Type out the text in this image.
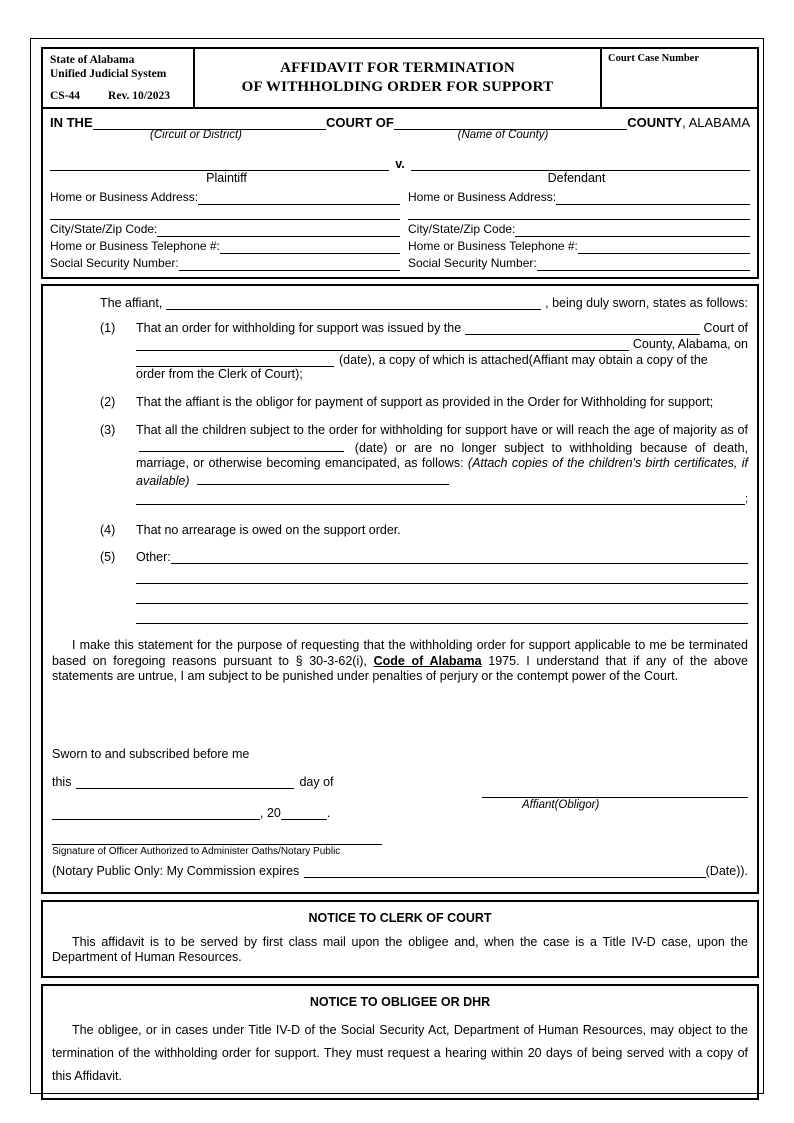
State of Alabama
Unified Judicial System
CS-44 Rev. 10/2023
AFFIDAVIT FOR TERMINATION
OF WITHHOLDING ORDER FOR SUPPORT
Court Case Number
IN THE	COURT OF	COUNTY , ALABAMA
(Circuit or District)	(Name of County)
v.
Plaintiff	Defendant
Home or Business Address:
City/State/Zip Code:
Home or Business Telephone #:
Social Security Number:
Home or Business Address:
City/State/Zip Code:
Home or Business Telephone #:
Social Security Number:
The affiant,	, being duly sworn, states as follows:
(1)	That an order for withholding for support was issued by the	Court of
County, Alabama, on
(date), a copy of which is attached(Affiant may obtain a copy of the
order from the Clerk of Court);
(2)	That the affiant is the obligor for payment of support as provided in the Order for Withholding for support;
(3)	That all the children subject to the order for withholding for support have or will reach the age of majority as of  (date) or are no longer subject to withholding because of death, marriage, or otherwise becoming emancipated, as follows: (Attach copies of the children's birth certificates, if available)
;
(4)	That no arrearage is owed on the support order.
(5)	Other:
I make this statement for the purpose of requesting that the withholding order for support applicable to me be terminated based on foregoing reasons pursuant to § 30-3-62(i), Code of Alabama 1975. I understand that if any of the above statements are untrue, I am subject to be punished under penalties of perjury or the contempt power of the Court.
Sworn to and subscribed before me
this	day of
, 20	.
Affiant(Obligor)
Signature of Officer Authorized to Administer Oaths/Notary Public
(Notary Public Only: My Commission expires	(Date)).
NOTICE TO CLERK OF COURT
This affidavit is to be served by first class mail upon the obligee and, when the case is a Title IV-D case, upon the Department of Human Resources.
NOTICE TO OBLIGEE OR DHR
The obligee, or in cases under Title IV-D of the Social Security Act, Department of Human Resources, may object to the termination of the withholding order for support. They must request a hearing within 20 days of being served with a copy of this Affidavit.
